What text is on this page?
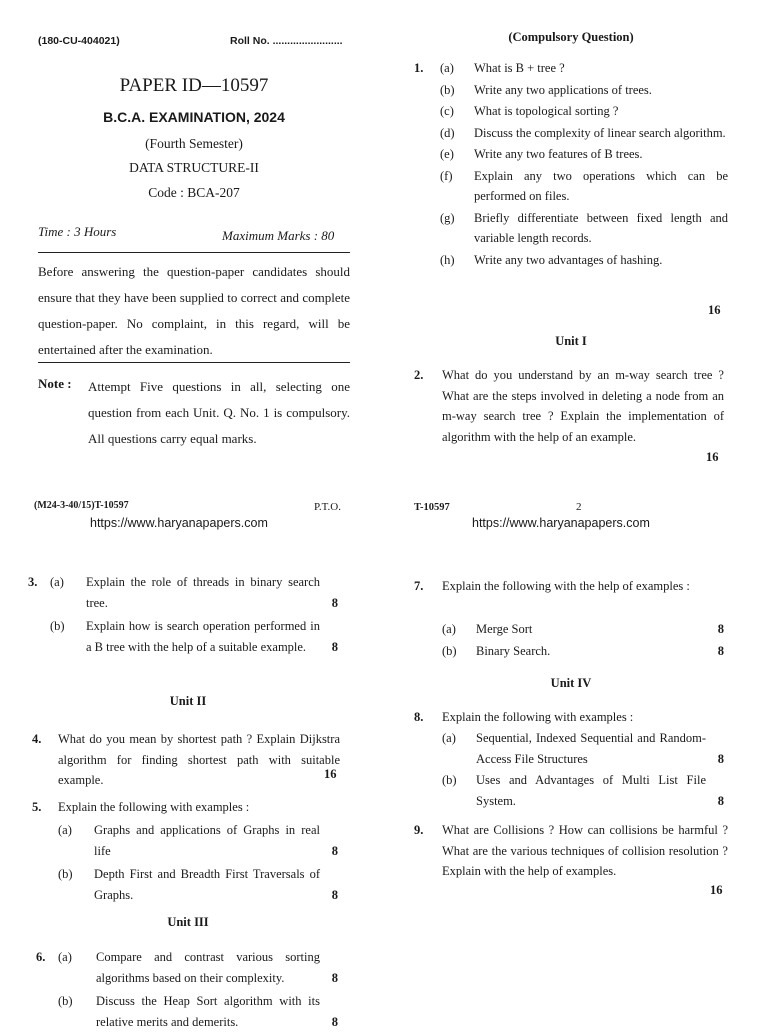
(180-CU-404021)	Roll No. ........................
PAPER ID—10597
B.C.A. EXAMINATION, 2024
(Fourth Semester)
DATA STRUCTURE-II
Code : BCA-207
Time : 3 Hours	Maximum Marks : 80
Before answering the question-paper candidates should ensure that they have been supplied to correct and complete question-paper. No complaint, in this regard, will be entertained after the examination.
Note : Attempt Five questions in all, selecting one question from each Unit. Q. No. 1 is compulsory. All questions carry equal marks.
(M24-3-40/15)T-10597	P.T.O.
https://www.haryanapapers.com
(Compulsory Question)
1.	(a) What is B + tree ?
(b) Write any two applications of trees.
(c) What is topological sorting ?
(d) Discuss the complexity of linear search algorithm.
(e) Write any two features of B trees.
(f) Explain any two operations which can be performed on files.
(g) Briefly differentiate between fixed length and variable length records.
(h) Write any two advantages of hashing.
16
Unit I
2.	What do you understand by an m-way search tree ? What are the steps involved in deleting a node from an m-way search tree ? Explain the implementation of algorithm with the help of an example.
16
T-10597	2
https://www.haryanapapers.com
3.	(a) Explain the role of threads in binary search tree.	8
(b) Explain how is search operation performed in a B tree with the help of a suitable example.	8
Unit II
4.	What do you mean by shortest path ? Explain Dijkstra algorithm for finding shortest path with suitable example.	16
5.	Explain the following with examples :
(a) Graphs and applications of Graphs in real life	8
(b) Depth First and Breadth First Traversals of Graphs.	8
Unit III
6.	(a) Compare and contrast various sorting algorithms based on their complexity.	8
(b) Discuss the Heap Sort algorithm with its relative merits and demerits.	8
7.	Explain the following with the help of examples :
(a) Merge Sort	8
(b) Binary Search.	8
Unit IV
8.	Explain the following with examples :
(a) Sequential, Indexed Sequential and Random-Access File Structures	8
(b) Uses and Advantages of Multi List File System.	8
9.	What are Collisions ? How can collisions be harmful ? What are the various techniques of collision resolution ? Explain with the help of examples.
16
